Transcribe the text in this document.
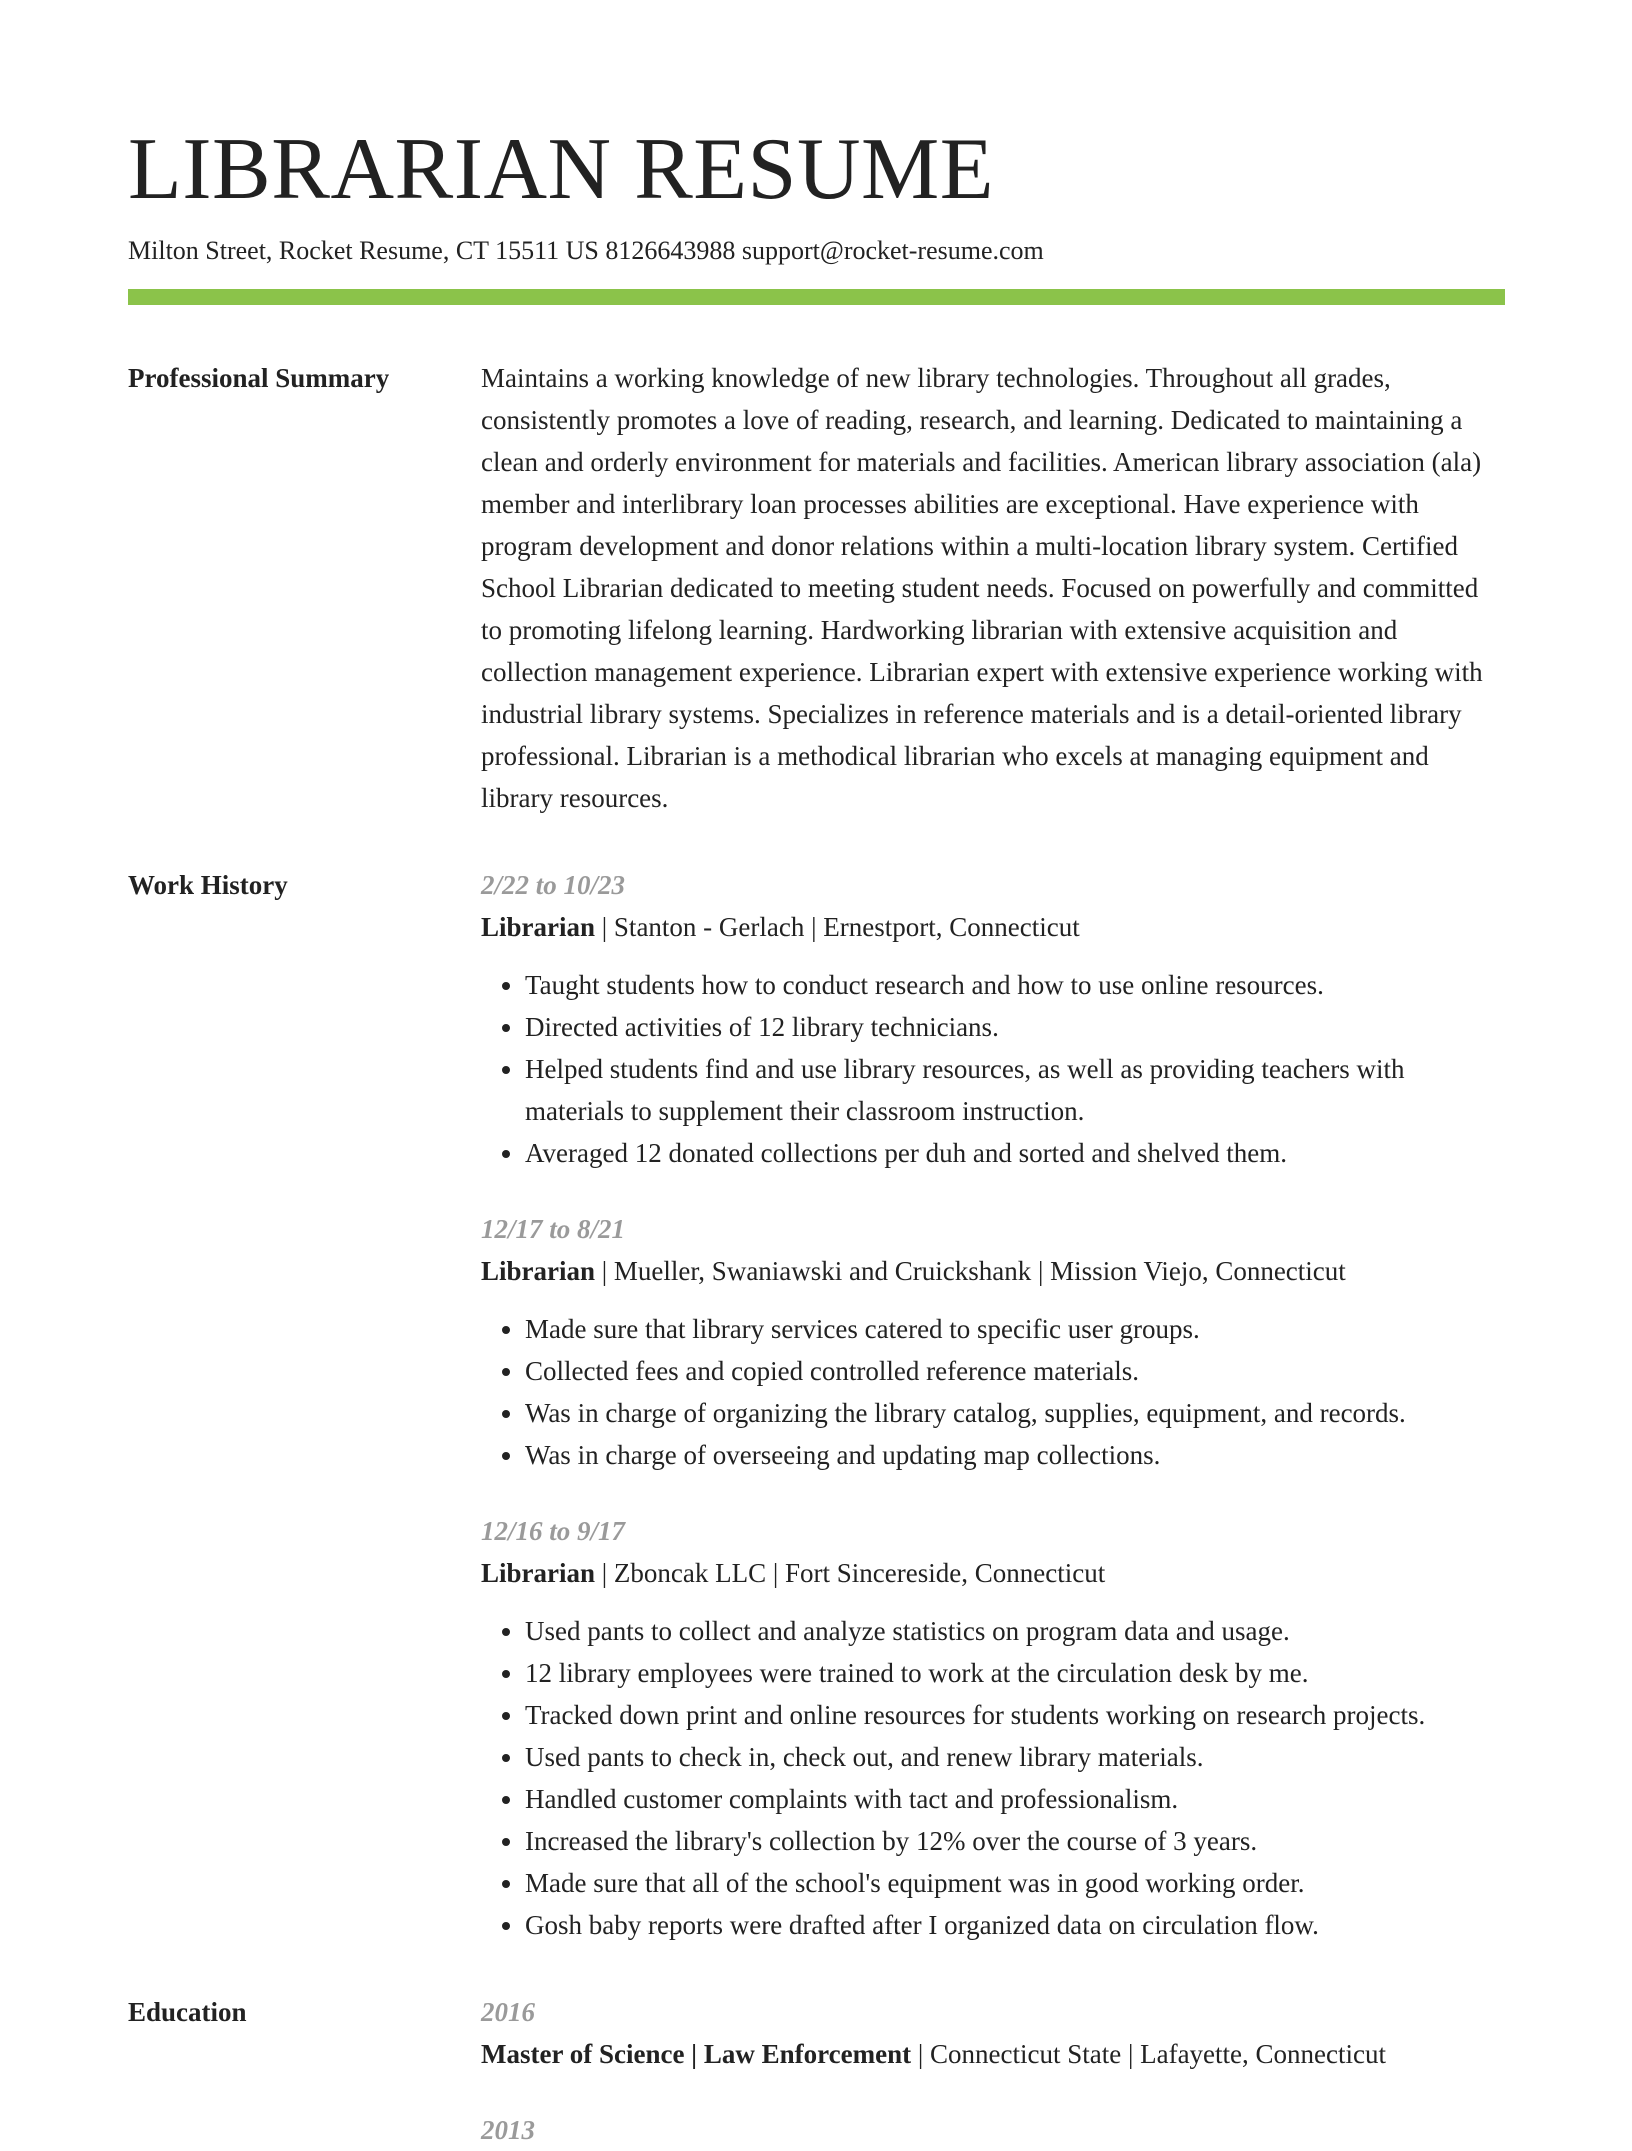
LIBRARIAN RESUME
Milton Street, Rocket Resume, CT 15511 US 8126643988 support@rocket-resume.com
Professional Summary	Maintains a working knowledge of new library technologies. Throughout all grades, consistently promotes a love of reading, research, and learning. Dedicated to maintaining a clean and orderly environment for materials and facilities. American library association (ala) member and interlibrary loan processes abilities are exceptional. Have experience with program development and donor relations within a multi-location library system. Certified School Librarian dedicated to meeting student needs. Focused on powerfully and committed to promoting lifelong learning. Hardworking librarian with extensive acquisition and collection management experience. Librarian expert with extensive experience working with industrial library systems. Specializes in reference materials and is a detail-oriented library professional. Librarian is a methodical librarian who excels at managing equipment and library resources.

Work History	2/22 to 10/23
Librarian | Stanton - Gerlach | Ernestport, Connecticut
• Taught students how to conduct research and how to use online resources.
• Directed activities of 12 library technicians.
• Helped students find and use library resources, as well as providing teachers with materials to supplement their classroom instruction.
• Averaged 12 donated collections per duh and sorted and shelved them.
12/17 to 8/21
Librarian | Mueller, Swaniawski and Cruickshank | Mission Viejo, Connecticut
• Made sure that library services catered to specific user groups.
• Collected fees and copied controlled reference materials.
• Was in charge of organizing the library catalog, supplies, equipment, and records.
• Was in charge of overseeing and updating map collections.
12/16 to 9/17
Librarian | Zboncak LLC | Fort Sincereside, Connecticut
• Used pants to collect and analyze statistics on program data and usage.
• 12 library employees were trained to work at the circulation desk by me.
• Tracked down print and online resources for students working on research projects.
• Used pants to check in, check out, and renew library materials.
• Handled customer complaints with tact and professionalism.
• Increased the library's collection by 12% over the course of 3 years.
• Made sure that all of the school's equipment was in good working order.
• Gosh baby reports were drafted after I organized data on circulation flow.
Education	2016
Master of Science | Law Enforcement | Connecticut State | Lafayette, Connecticut
2013
